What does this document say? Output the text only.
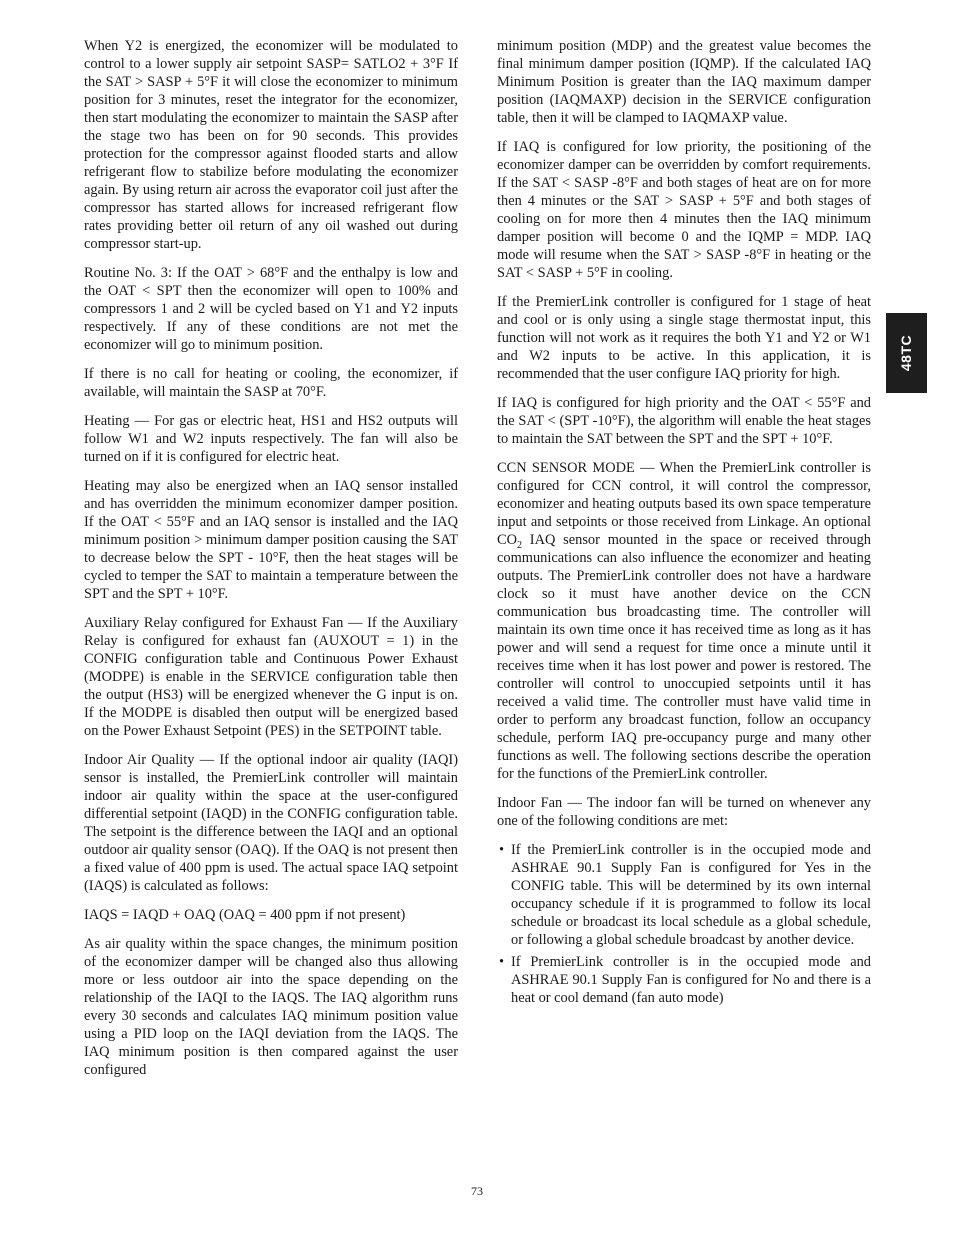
When Y2 is energized, the economizer will be modulated to control to a lower supply air setpoint SASP= SATLO2 + 3°F If the SAT > SASP + 5°F it will close the economizer to minimum position for 3 minutes, reset the integrator for the economizer, then start modulating the economizer to maintain the SASP after the stage two has been on for 90 seconds. This provides protection for the compressor against flooded starts and allow refrigerant flow to stabilize before modulating the economizer again. By using return air across the evaporator coil just after the compressor has started allows for increased refrigerant flow rates providing better oil return of any oil washed out during compressor start-up.

Routine No. 3: If the OAT > 68°F and the enthalpy is low and the OAT < SPT then the economizer will open to 100% and compressors 1 and 2 will be cycled based on Y1 and Y2 inputs respectively. If any of these conditions are not met the economizer will go to minimum position.

If there is no call for heating or cooling, the economizer, if available, will maintain the SASP at 70°F.

Heating — For gas or electric heat, HS1 and HS2 outputs will follow W1 and W2 inputs respectively. The fan will also be turned on if it is configured for electric heat.

Heating may also be energized when an IAQ sensor installed and has overridden the minimum economizer damper position. If the OAT < 55°F and an IAQ sensor is installed and the IAQ minimum position > minimum damper position causing the SAT to decrease below the SPT - 10°F, then the heat stages will be cycled to temper the SAT to maintain a temperature between the SPT and the SPT + 10°F.

Auxiliary Relay configured for Exhaust Fan — If the Auxiliary Relay is configured for exhaust fan (AUXOUT = 1) in the CONFIG configuration table and Continuous Power Exhaust (MODPE) is enable in the SERVICE configuration table then the output (HS3) will be energized whenever the G input is on. If the MODPE is disabled then output will be energized based on the Power Exhaust Setpoint (PES) in the SETPOINT table.

Indoor Air Quality — If the optional indoor air quality (IAQI) sensor is installed, the PremierLink controller will maintain indoor air quality within the space at the user-configured differential setpoint (IAQD) in the CONFIG configuration table. The setpoint is the difference between the IAQI and an optional outdoor air quality sensor (OAQ). If the OAQ is not present then a fixed value of 400 ppm is used. The actual space IAQ setpoint (IAQS) is calculated as follows:

IAQS = IAQD + OAQ (OAQ = 400 ppm if not present)

As air quality within the space changes, the minimum position of the economizer damper will be changed also thus allowing more or less outdoor air into the space depending on the relationship of the IAQI to the IAQS. The IAQ algorithm runs every 30 seconds and calculates IAQ minimum position value using a PID loop on the IAQI deviation from the IAQS. The IAQ minimum position is then compared against the user configured

minimum position (MDP) and the greatest value becomes the final minimum damper position (IQMP). If the calculated IAQ Minimum Position is greater than the IAQ maximum damper position (IAQMAXP) decision in the SERVICE configuration table, then it will be clamped to IAQMAXP value.

If IAQ is configured for low priority, the positioning of the economizer damper can be overridden by comfort requirements. If the SAT < SASP -8°F and both stages of heat are on for more then 4 minutes or the SAT > SASP + 5°F and both stages of cooling on for more then 4 minutes then the IAQ minimum damper position will become 0 and the IQMP = MDP. IAQ mode will resume when the SAT > SASP -8°F in heating or the SAT < SASP + 5°F in cooling.

If the PremierLink controller is configured for 1 stage of heat and cool or is only using a single stage thermostat input, this function will not work as it requires the both Y1 and Y2 or W1 and W2 inputs to be active. In this application, it is recommended that the user configure IAQ priority for high.

If IAQ is configured for high priority and the OAT < 55°F and the SAT < (SPT -10°F), the algorithm will enable the heat stages to maintain the SAT between the SPT and the SPT + 10°F.

CCN SENSOR MODE — When the PremierLink controller is configured for CCN control, it will control the compressor, economizer and heating outputs based its own space temperature input and setpoints or those received from Linkage. An optional $CO_2$ IAQ sensor mounted in the space or received through communications can also influence the economizer and heating outputs. The PremierLink controller does not have a hardware clock so it must have another device on the CCN communication bus broadcasting time. The controller will maintain its own time once it has received time as long as it has power and will send a request for time once a minute until it receives time when it has lost power and power is restored. The controller will control to unoccupied setpoints until it has received a valid time. The controller must have valid time in order to perform any broadcast function, follow an occupancy schedule, perform IAQ pre-occupancy purge and many other functions as well. The following sections describe the operation for the functions of the PremierLink controller.

Indoor Fan — The indoor fan will be turned on whenever any one of the following conditions are met:

• If the PremierLink controller is in the occupied mode and ASHRAE 90.1 Supply Fan is configured for Yes in the CONFIG table. This will be determined by its own internal occupancy schedule if it is programmed to follow its local schedule or broadcast its local schedule as a global schedule, or following a global schedule broadcast by another device.
• If PremierLink controller is in the occupied mode and ASHRAE 90.1 Supply Fan is configured for No and there is a heat or cool demand (fan auto mode)
48TC
73
